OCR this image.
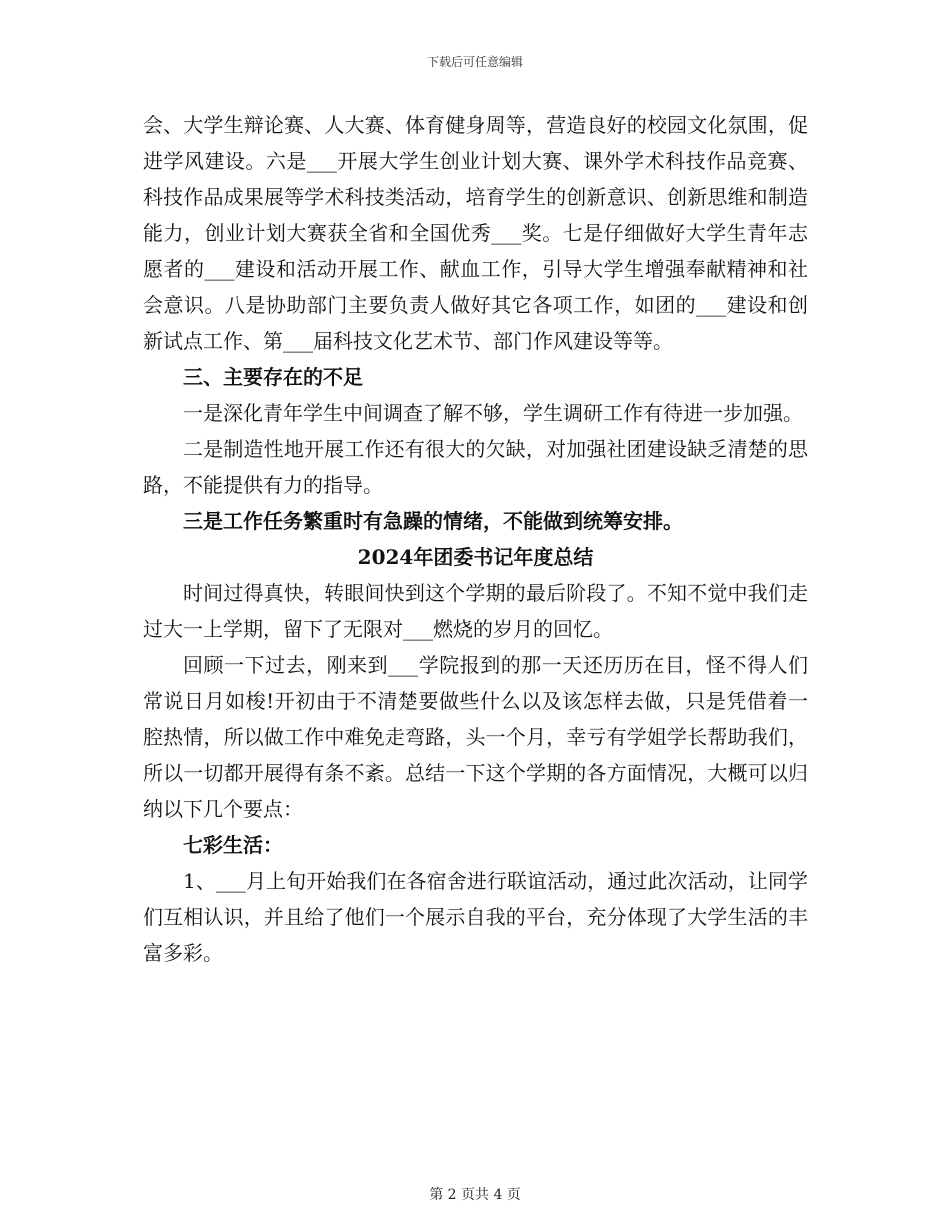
下载后可任意编辑

会、大学生辩论赛、人大赛、体育健身周等，营造良好的校园文化氛围，促进学风建设。六是___开展大学生创业计划大赛、课外学术科技作品竞赛、科技作品成果展等学术科技类活动，培育学生的创新意识、创新思维和制造能力，创业计划大赛获全省和全国优秀___奖。七是仔细做好大学生青年志愿者的___建设和活动开展工作、献血工作，引导大学生增强奉献精神和社会意识。八是协助部门主要负责人做好其它各项工作，如团的___建设和创新试点工作、第___届科技文化艺术节、部门作风建设等等。

三、主要存在的不足

一是深化青年学生中间调查了解不够，学生调研工作有待进一步加强。

二是制造性地开展工作还有很大的欠缺，对加强社团建设缺乏清楚的思路，不能提供有力的指导。

三是工作任务繁重时有急躁的情绪，不能做到统筹安排。

2024年团委书记年度总结

时间过得真快，转眼间快到这个学期的最后阶段了。不知不觉中我们走过大一上学期，留下了无限对___燃烧的岁月的回忆。

回顾一下过去，刚来到___学院报到的那一天还历历在目，怪不得人们常说日月如梭!开初由于不清楚要做些什么以及该怎样去做，只是凭借着一腔热情，所以做工作中难免走弯路，头一个月，幸亏有学姐学长帮助我们，所以一切都开展得有条不紊。总结一下这个学期的各方面情况，大概可以归纳以下几个要点：

七彩生活：

1、___月上旬开始我们在各宿舍进行联谊活动，通过此次活动，让同学们互相认识，并且给了他们一个展示自我的平台，充分体现了大学生活的丰富多彩。

第 2 页共 4 页
